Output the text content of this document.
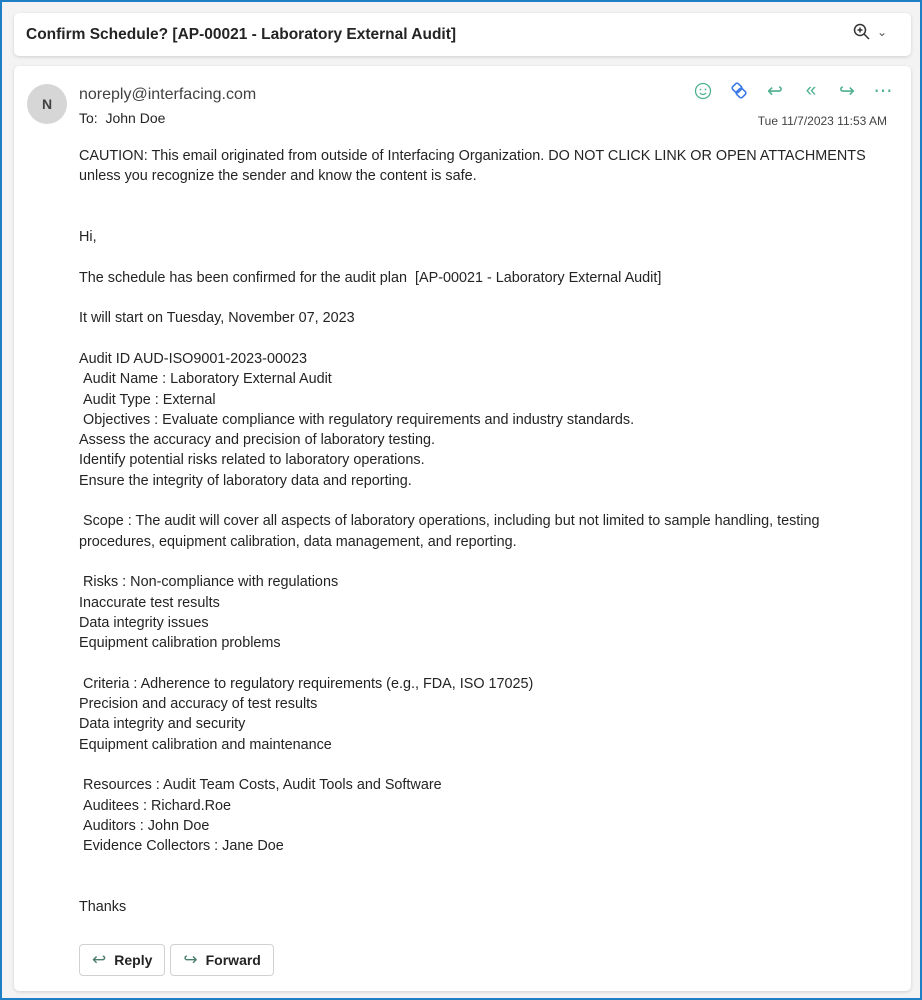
Confirm Schedule? [AP-00021 - Laboratory External Audit]	⌄
N
noreply@interfacing.com
To: John Doe
↩ « ↪ ⋯
Tue 11/7/2023 11:53 AM
CAUTION: This email originated from outside of Interfacing Organization. DO NOT CLICK LINK OR OPEN ATTACHMENTS
unless you recognize the sender and know the content is safe.
Hi,
The schedule has been confirmed for the audit plan  [AP-00021 - Laboratory External Audit]
It will start on Tuesday, November 07, 2023
Audit ID AUD-ISO9001-2023-00023
Audit Name : Laboratory External Audit
Audit Type : External
Objectives : Evaluate compliance with regulatory requirements and industry standards.
Assess the accuracy and precision of laboratory testing.
Identify potential risks related to laboratory operations.
Ensure the integrity of laboratory data and reporting.
Scope : The audit will cover all aspects of laboratory operations, including but not limited to sample handling, testing
procedures, equipment calibration, data management, and reporting.
Risks : Non-compliance with regulations
Inaccurate test results
Data integrity issues
Equipment calibration problems
Criteria : Adherence to regulatory requirements (e.g., FDA, ISO 17025)
Precision and accuracy of test results
Data integrity and security
Equipment calibration and maintenance
Resources : Audit Team Costs, Audit Tools and Software
Auditees : Richard.Roe
Auditors : John Doe
Evidence Collectors : Jane Doe
Thanks
↩ Reply ↪ Forward
